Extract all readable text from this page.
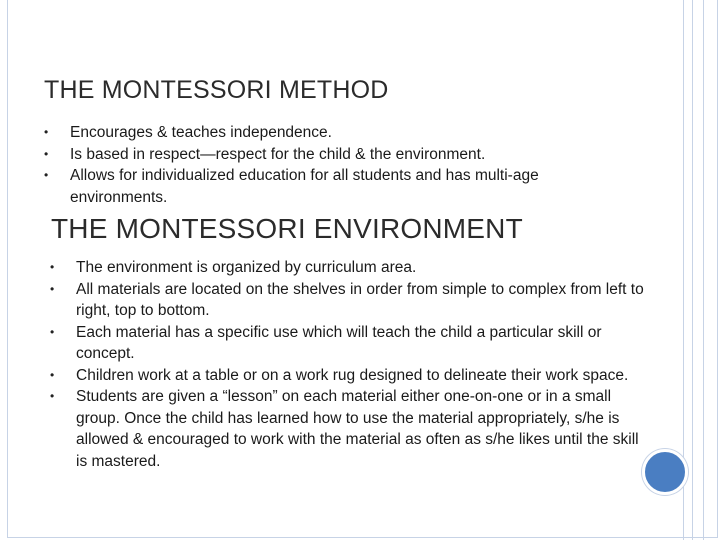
THE MONTESSORI METHOD
• Encourages & teaches independence.
• Is based in respect—respect for the child & the environment.
• Allows for individualized education for all students and has multi-age environments.
THE MONTESSORI ENVIRONMENT
• The environment is organized by curriculum area.
• All materials are located on the shelves in order from simple to complex from left to right, top to bottom.
• Each material has a specific use which will teach the child a particular skill or concept.
• Children work at a table or on a work rug designed to delineate their work space.
• Students are given a “lesson” on each material either one-on-one or in a small group. Once the child has learned how to use the material appropriately, s/he is allowed & encouraged to work with the material as often as s/he likes until the skill is mastered.
